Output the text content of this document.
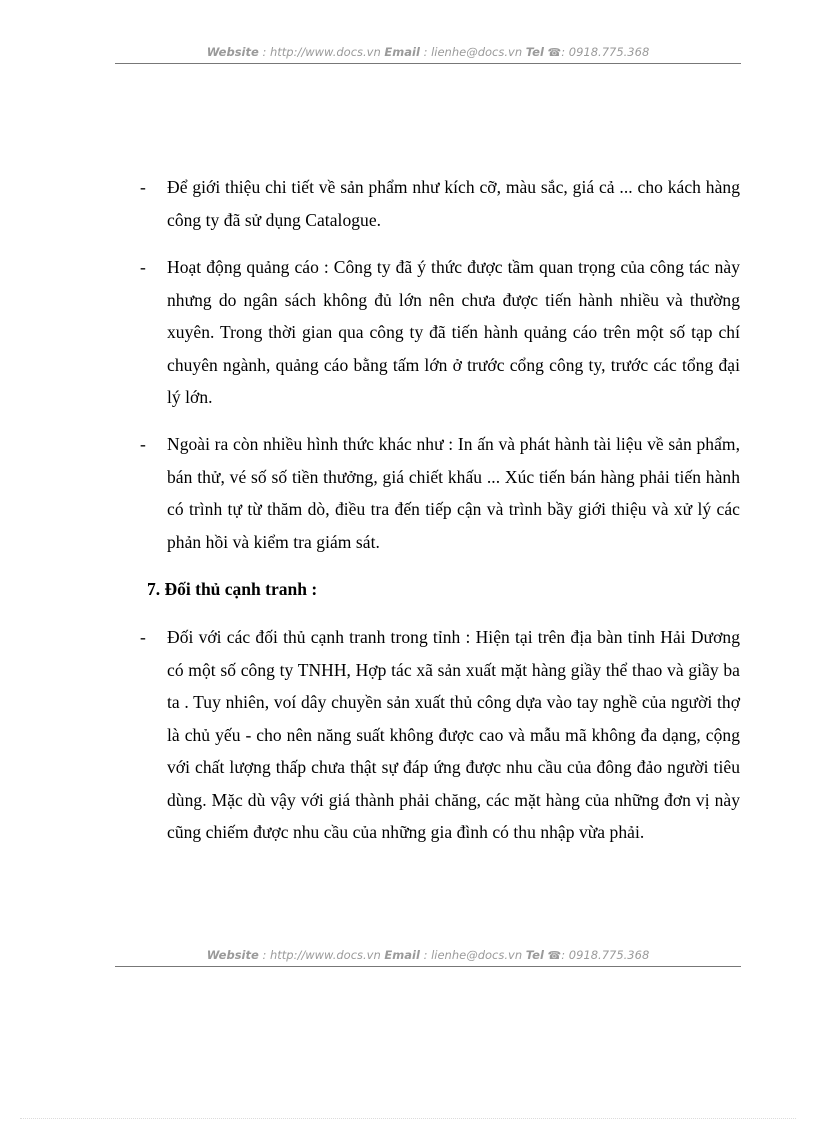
Website : http://www.docs.vn Email : lienhe@docs.vn Tel ☎: 0918.775.368
- Để giới thiệu chi tiết về sản phẩm như kích cỡ, màu sắc, giá cả ... cho kách hàng công ty đã sử dụng Catalogue.

- Hoạt động quảng cáo : Công ty đã ý thức được tầm quan trọng của công tác này nhưng do ngân sách không đủ lớn nên chưa được tiến hành nhiều và thường xuyên. Trong thời gian qua công ty đã tiến hành quảng cáo trên một số tạp chí chuyên ngành, quảng cáo bằng tấm lớn ở trước cổng công ty, trước các tổng đại lý lớn.

- Ngoài ra còn nhiều hình thức khác như : In ấn và phát hành tài liệu về sản phẩm, bán thử, vé số số tiền thưởng, giá chiết khấu ... Xúc tiến bán hàng phải tiến hành có trình tự từ thăm dò, điều tra đến tiếp cận và trình bầy giới thiệu và xử lý các phản hồi và kiểm tra giám sát.

7. Đối thủ cạnh tranh :
- Đối với các đối thủ cạnh tranh trong tỉnh : Hiện tại trên địa bàn tỉnh Hải Dương có một số công ty TNHH, Hợp tác xã sản xuất mặt hàng giầy thể thao và giầy ba ta . Tuy nhiên, voí dây chuyền sản xuất thủ công dựa vào tay nghề của người thợ là chủ yếu - cho nên năng suất không được cao và mẫu mã không đa dạng, cộng với chất lượng thấp chưa thật sự đáp ứng được nhu cầu của đông đảo người tiêu dùng. Mặc dù vậy với giá thành phải chăng, các mặt hàng của những đơn vị này cũng chiếm được nhu cầu của những gia đình có thu nhập vừa phải.

Website : http://www.docs.vn Email : lienhe@docs.vn Tel ☎: 0918.775.368
